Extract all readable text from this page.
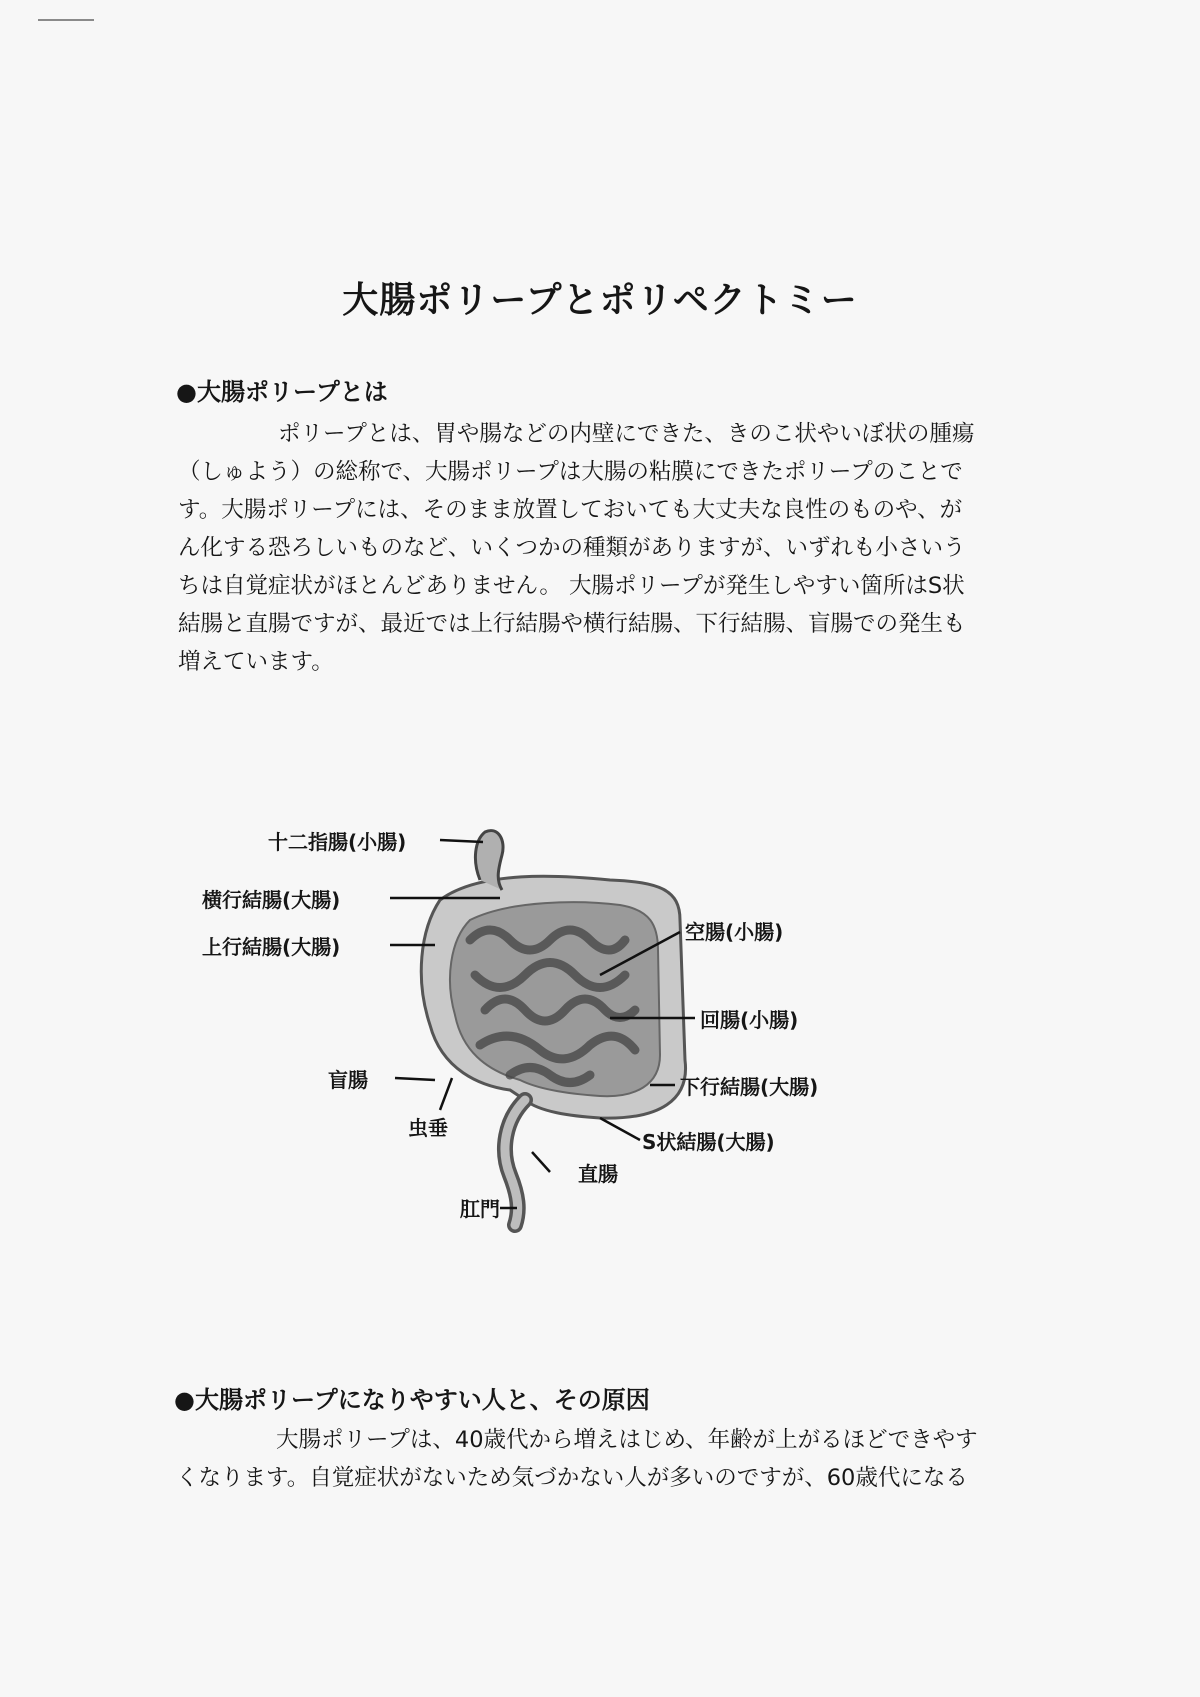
大腸ポリープとポリペクトミー
●大腸ポリープとは

ポリープとは、胃や腸などの内壁にできた、きのこ状やいぼ状の腫瘍
（しゅよう）の総称で、大腸ポリープは大腸の粘膜にできたポリープのことで
す。大腸ポリープには、そのまま放置しておいても大丈夫な良性のものや、が
ん化する恐ろしいものなど、いくつかの種類がありますが、いずれも小さいう
ちは自覚症状がほとんどありません。 大腸ポリープが発生しやすい箇所はS状
結腸と直腸ですが、最近では上行結腸や横行結腸、下行結腸、盲腸での発生も
増えています。

十二指腸(小腸)
横行結腸(大腸)
上行結腸(大腸)
空腸(小腸)
回腸(小腸)
盲腸	下行結腸(大腸)
虫垂
S状結腸(大腸)
直腸
肛門
●大腸ポリープになりやすい人と、その原因

大腸ポリープは、40歳代から増えはじめ、年齢が上がるほどできやす
くなります。自覚症状がないため気づかない人が多いのですが、60歳代になる
